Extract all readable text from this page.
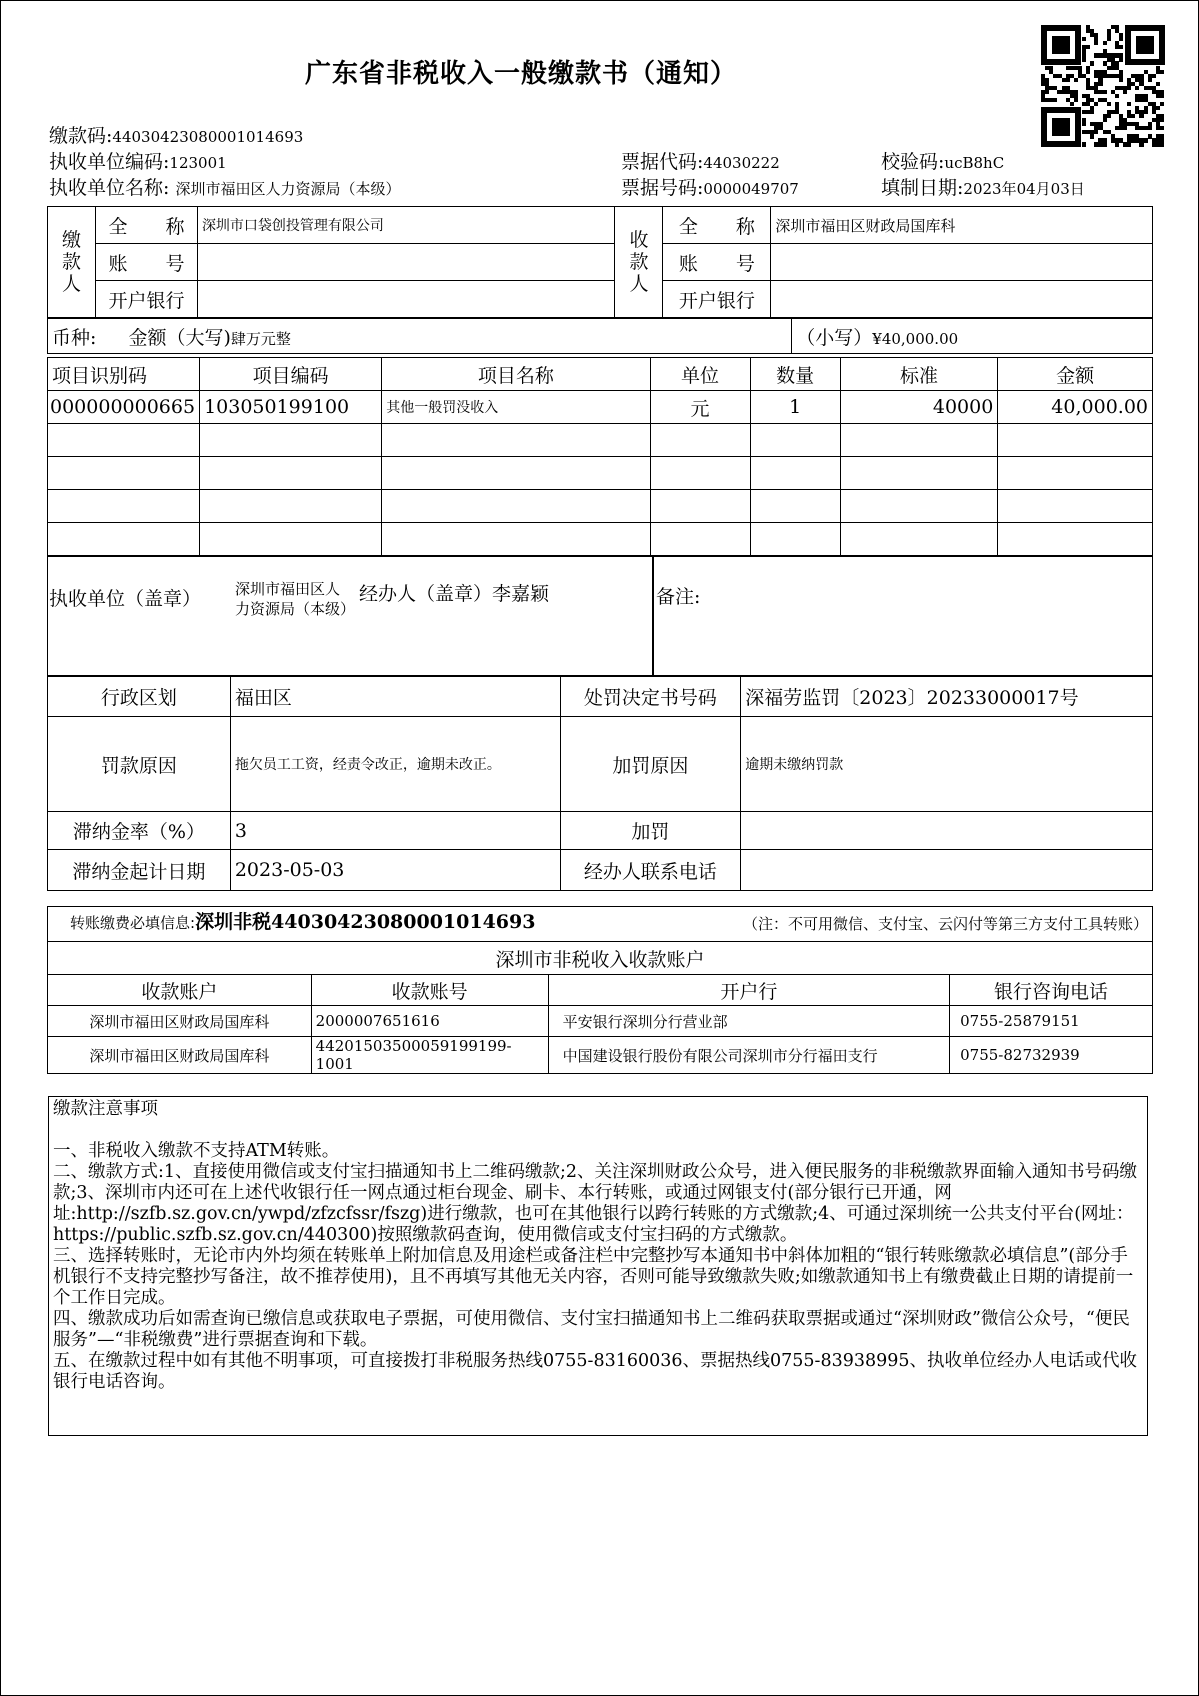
广东省非税收入一般缴款书（通知）
缴款码:44030423080001014693
执收单位编码:123001
执收单位名称: 深圳市福田区人力资源局（本级）
票据代码:44030222
票据号码:0000049707
校验码:ucB8hC
填制日期:2023年04月03日
缴款人	全　　称	深圳市口袋创投管理有限公司	收款人	全　　称	深圳市福田区财政局国库科
	账　　号			账　　号	
	开户银行			开户银行	
币种: 金额（大写)肆万元整	（小写）¥40,000.00
项目识别码	项目编码	项目名称	单位	数量	标准	金额
000000000665	103050199100	其他一般罚没收入	元	1	40000	40,000.00

执收单位（盖章） 深圳市福田区人力资源局（本级）
经办人（盖章）李嘉颖	备注:
行政区划	福田区	处罚决定书号码	深福劳监罚〔2023〕20233000017号
罚款原因	拖欠员工工资，经责令改正，逾期未改正。	加罚原因	逾期未缴纳罚款
滞纳金率（%）	3	加罚	
滞纳金起计日期	2023-05-03	经办人联系电话	
转账缴费必填信息:深圳非税44030423080001014693 （注：不可用微信、支付宝、云闪付等第三方支付工具转账）			

深圳市非税收入收款账户			
收款账户	收款账号	开户行	银行咨询电话
深圳市福田区财政局国库科	2000007651616	平安银行深圳分行营业部	0755-25879151
深圳市福田区财政局国库科	44201503500059199199-1001	中国建设银行股份有限公司深圳市分行福田支行	0755-82732939

缴款注意事项

一、非税收入缴款不支持ATM转账。

二、缴款方式:1、直接使用微信或支付宝扫描通知书上二维码缴款;2、关注深圳财政公众号，进入便民服务的非税缴款界面输入通知书号码缴款;3、深圳市内还可在上述代收银行任一网点通过柜台现金、刷卡、本行转账，或通过网银支付(部分银行已开通，网址:http://szfb.sz.gov.cn/ywpd/zfzcfssr/fszg)进行缴款，也可在其他银行以跨行转账的方式缴款;4、可通过深圳统一公共支付平台(网址：https://public.szfb.sz.gov.cn/440300)按照缴款码查询，使用微信或支付宝扫码的方式缴款。

三、选择转账时，无论市内外均须在转账单上附加信息及用途栏或备注栏中完整抄写本通知书中斜体加粗的“银行转账缴款必填信息”(部分手机银行不支持完整抄写备注，故不推荐使用)，且不再填写其他无关内容，否则可能导致缴款失败;如缴款通知书上有缴费截止日期的请提前一个工作日完成。

四、缴款成功后如需查询已缴信息或获取电子票据，可使用微信、支付宝扫描通知书上二维码获取票据或通过“深圳财政”微信公众号，“便民服务”—“非税缴费”进行票据查询和下载。

五、在缴款过程中如有其他不明事项，可直接拨打非税服务热线0755-83160036、票据热线0755-83938995、执收单位经办人电话或代收银行电话咨询。
